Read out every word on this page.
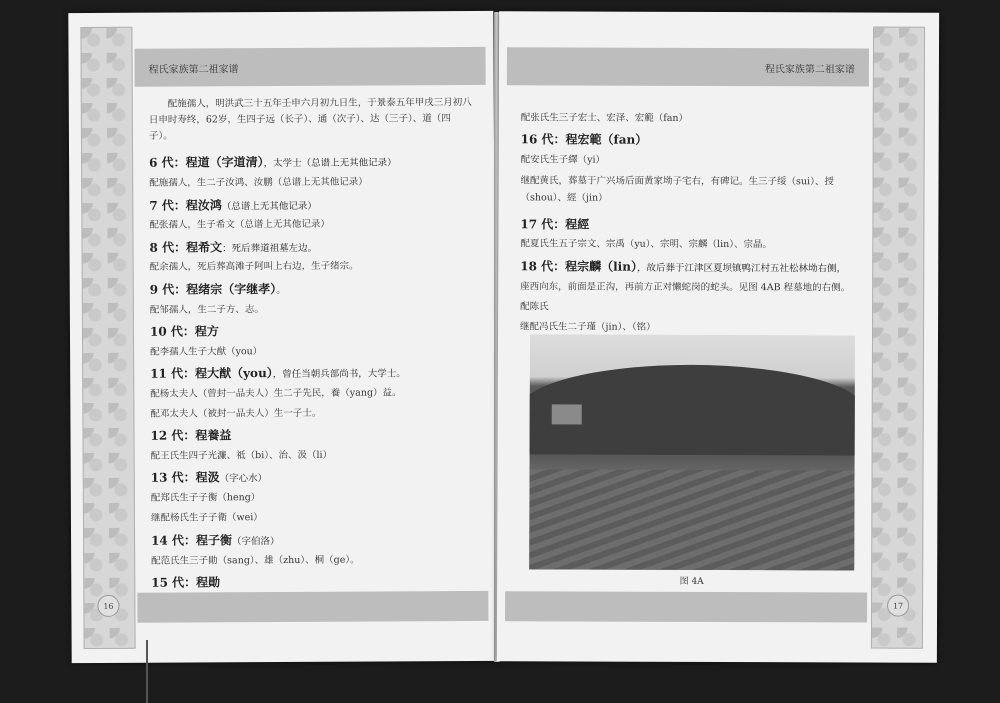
程氏家族第二祖家谱

配施孺人，明洪武三十五年壬申六月初九日生，于景泰五年甲戌三月初八日申时寿终，62岁，生四子远（长子）、通（次子）、达（三子）、道（四子）。

6 代：程道（字道清），太学士（总谱上无其他记录）

配施孺人，生二子汝鸿、汝鹏（总谱上无其他记录）

7 代：程汝鸿（总谱上无其他记录）

配张孺人，生子希文（总谱上无其他记录）

8 代：程希文：死后葬道祖墓左边。

配余孺人，死后葬高滩子阿叫上右边，生子绪宗。

9 代：程绪宗（字继孝）。

配邹孺人，生二子方、志。

10 代：程方

配李孺人生子大猷（you）

11 代：程大猷（you），曾任当朝兵部尚书，大学士。

配杨太夫人（曾封一品夫人）生二子先民，養（yang）益。

配邓太夫人（被封一品夫人）生一子士。

12 代：程養益

配王氏生四子光濂、祗（bi）、治、汲（li）

13 代：程汲（字心水）

配郑氏生子子衡（heng）

继配杨氏生子子衛（wei）

14 代：程子衡（字伯洛）

配范氏生三子勛（sang）、雄（zhu）、桐（ge）。

15 代：程勛
16
程氏家族第二祖家谱

配张氏生三子宏士、宏泽、宏範（fan）

16 代：程宏範（fan）

配安氏生子繹（yi）

继配黄氏，葬墓于广兴场后面黄家坳子宅右，有碑记。生三子绥（sui）、授（shou）、經（jin）

17 代：程經

配夏氏生五子宗文、宗禹（yu）、宗明、宗麟（lin）、宗晶。

18 代：程宗麟（lin），故后葬于江津区夏坝镇鸭江村五社松林坳右侧，

座西向东，前面是正沟，再前方正对懒蛇岗的蛇头。见图 4AB 程墓地的右侧。

配陈氏

继配冯氏生二子瑾（jin）、（铭）

图 4A
17
